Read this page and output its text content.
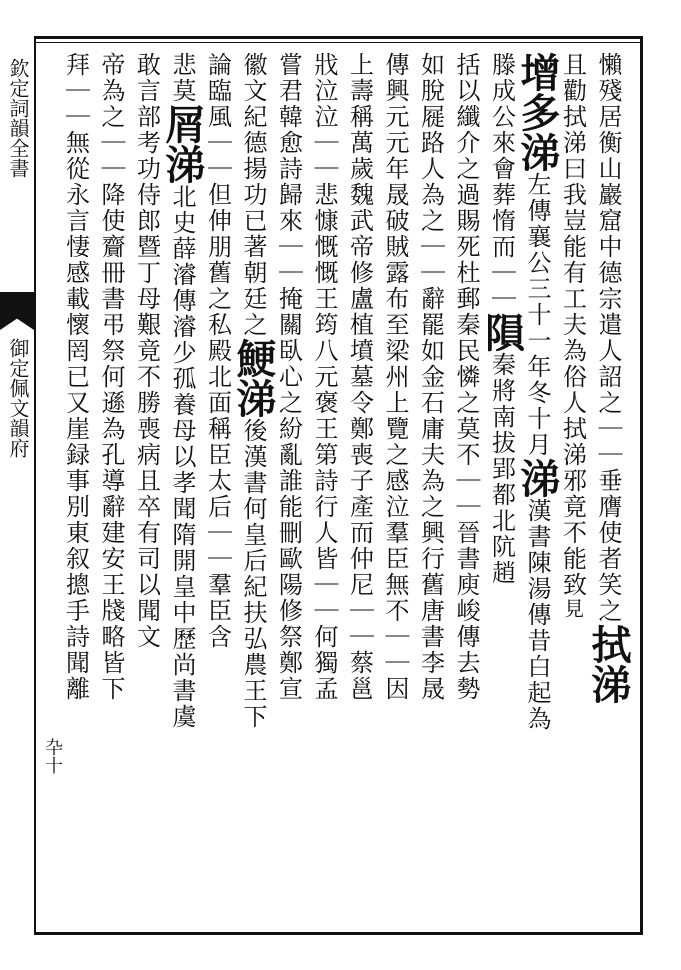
欽定詞韻全書
御定佩文韻府
卆十
懶殘居衡山巖窟中德宗遣人詔之｜｜垂膺使者笑之拭涕
且勸拭涕曰我豈能有工夫為俗人拭涕邪竟不能致見
增多涕左傳襄公三十一年冬十月涕漢書陳湯傳昔白起為
滕成公來會葬惰而｜｜隕秦將南拔郢都北阬趙
括以纖介之過賜死杜郵秦民憐之莫不｜｜晉書庾峻傳去勢
如脫屣路人為之｜｜辭罷如金石庸夫為之興行舊唐書李晟
傳興元元年晟破賊露布至梁州上覽之感泣羣臣無不｜｜因
上壽稱萬歲魏武帝修盧植墳墓令鄭喪子產而仲尼｜｜蔡邕
戕泣泣｜｜悲慷慨慨王筠八元褒王第詩行人皆｜｜何獨孟
嘗君韓愈詩歸來｜｜掩關臥心之紛亂誰能刪歐陽修祭鄭宣
徽文紀德揚功已著朝廷之鯁涕後漢書何皇后紀扶弘農王下
論臨風｜｜但伸朋舊之私殿北面稱臣太后｜｜羣臣含
悲莫屑涕北史薛濬傳濬少孤養母以孝聞隋開皇中歷尚書虞
敢言部考功侍郎暨丁母艱竟不勝喪病且卒有司以聞文
帝為之｜｜降使齎冊書弔祭何遜為孔導辭建安王牋略皆下
拜｜｜無從永言悽感載懷罔已又崖録事別東叙摠手詩聞離
